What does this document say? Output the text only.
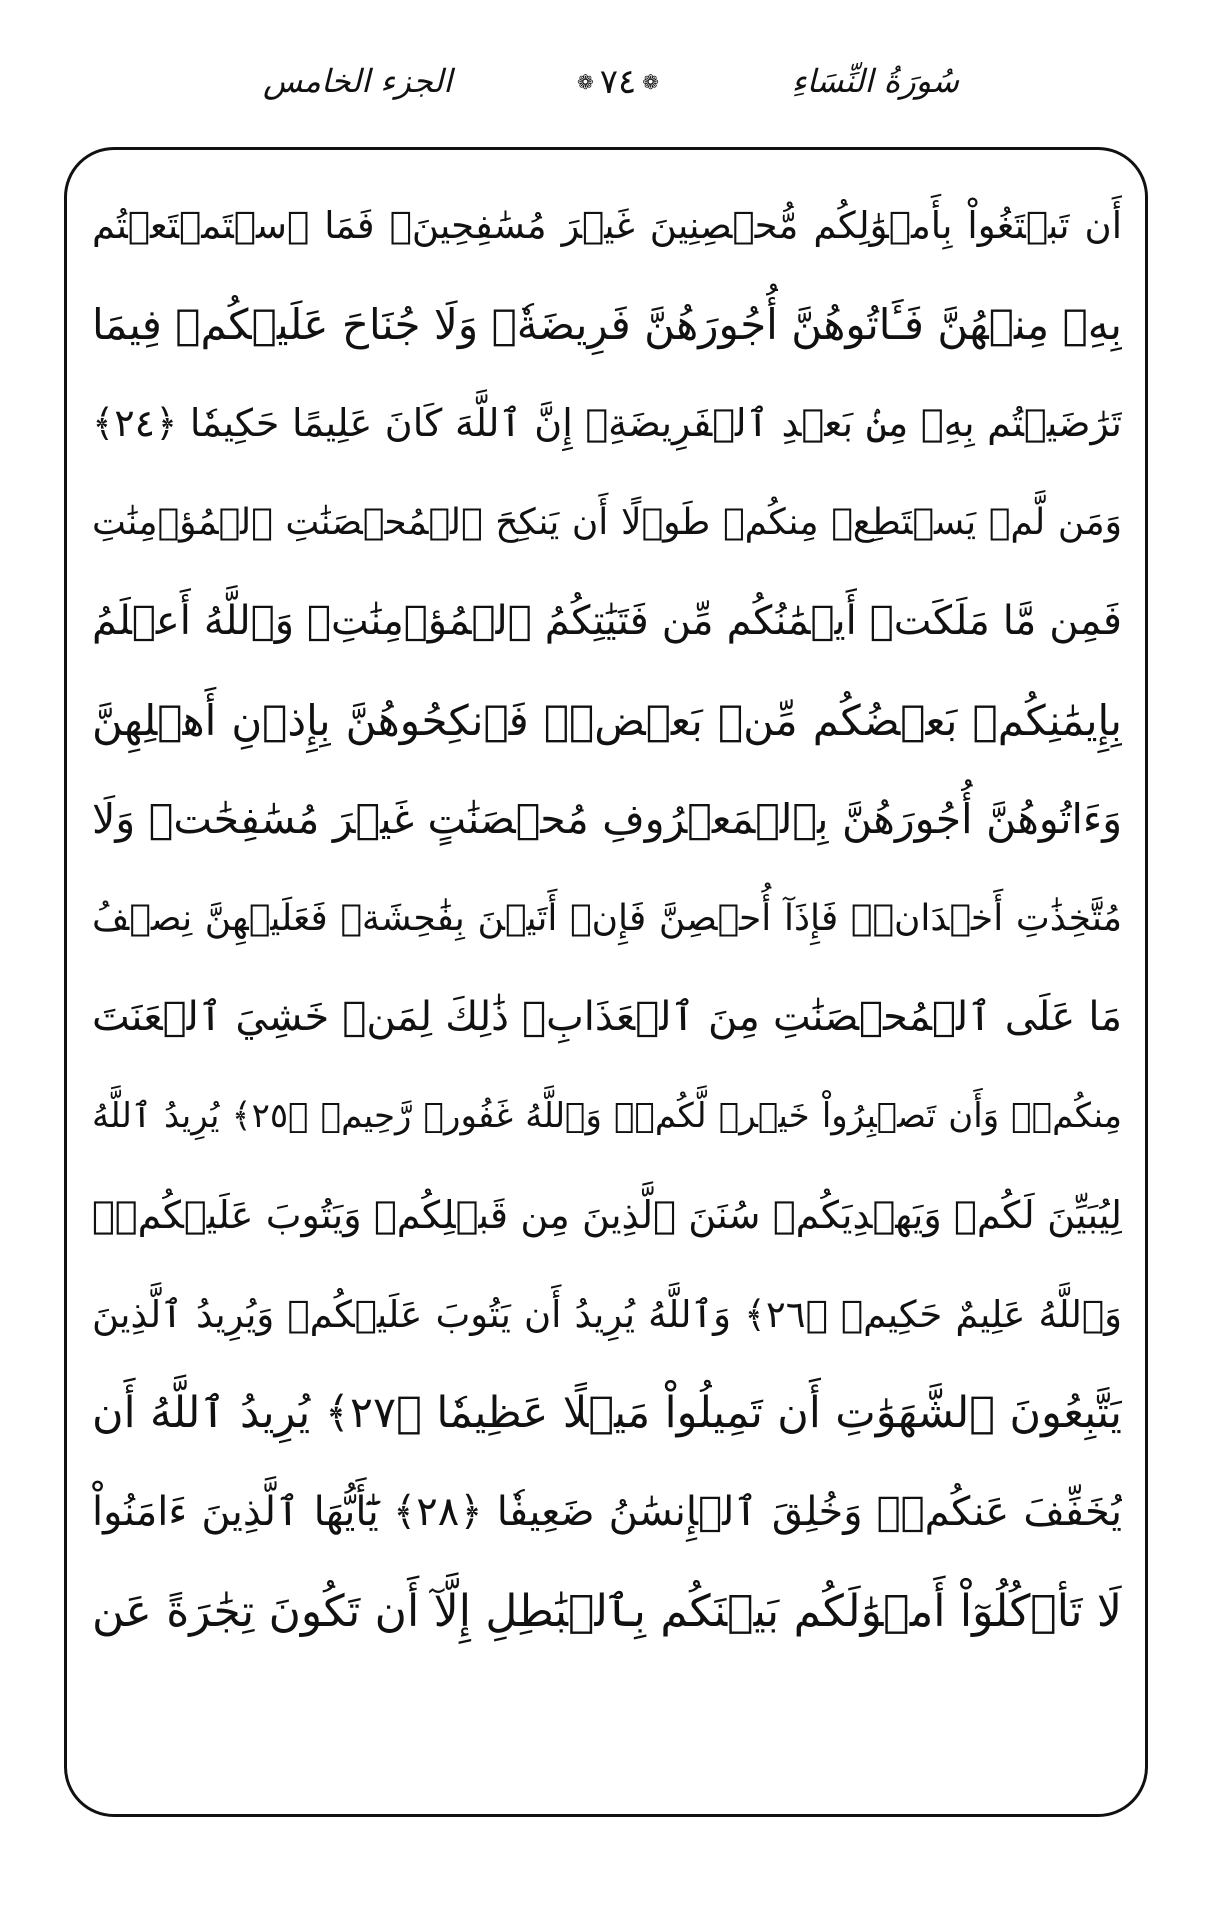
سُورَةُ النِّسَاءِ
❁ ٧٤ ❁
الجزء الخامس
أَن تَبۡتَغُواْ بِأَمۡوَٰلِكُم مُّحۡصِنِينَ غَيۡرَ مُسَٰفِحِينَۚ فَمَا ٱسۡتَمۡتَعۡتُم
بِهِۦ مِنۡهُنَّ فَـَٔاتُوهُنَّ أُجُورَهُنَّ فَرِيضَةٗۚ وَلَا جُنَاحَ عَلَيۡكُمۡ فِيمَا
تَرَٰضَيۡتُم بِهِۦ مِنۢ بَعۡدِ ٱلۡفَرِيضَةِۚ إِنَّ ٱللَّهَ كَانَ عَلِيمًا حَكِيمٗا ﴿٢٤﴾
وَمَن لَّمۡ يَسۡتَطِعۡ مِنكُمۡ طَوۡلًا أَن يَنكِحَ ٱلۡمُحۡصَنَٰتِ ٱلۡمُؤۡمِنَٰتِ
فَمِن مَّا مَلَكَتۡ أَيۡمَٰنُكُم مِّن فَتَيَٰتِكُمُ ٱلۡمُؤۡمِنَٰتِۚ وَٱللَّهُ أَعۡلَمُ
بِإِيمَٰنِكُمۚ بَعۡضُكُم مِّنۢ بَعۡضٖۚ فَٱنكِحُوهُنَّ بِإِذۡنِ أَهۡلِهِنَّ
وَءَاتُوهُنَّ أُجُورَهُنَّ بِٱلۡمَعۡرُوفِ مُحۡصَنَٰتٍ غَيۡرَ مُسَٰفِحَٰتٖ وَلَا
مُتَّخِذَٰتِ أَخۡدَانٖۚ فَإِذَآ أُحۡصِنَّ فَإِنۡ أَتَيۡنَ بِفَٰحِشَةٖ فَعَلَيۡهِنَّ نِصۡفُ
مَا عَلَى ٱلۡمُحۡصَنَٰتِ مِنَ ٱلۡعَذَابِۚ ذَٰلِكَ لِمَنۡ خَشِيَ ٱلۡعَنَتَ
مِنكُمۡۚ وَأَن تَصۡبِرُواْ خَيۡرٞ لَّكُمۡۗ وَٱللَّهُ غَفُورٞ رَّحِيمٞ ﴿٢٥﴾ يُرِيدُ ٱللَّهُ
لِيُبَيِّنَ لَكُمۡ وَيَهۡدِيَكُمۡ سُنَنَ ٱلَّذِينَ مِن قَبۡلِكُمۡ وَيَتُوبَ عَلَيۡكُمۡۗ
وَٱللَّهُ عَلِيمٌ حَكِيمٞ ﴿٢٦﴾ وَٱللَّهُ يُرِيدُ أَن يَتُوبَ عَلَيۡكُمۡ وَيُرِيدُ ٱلَّذِينَ
يَتَّبِعُونَ ٱلشَّهَوَٰتِ أَن تَمِيلُواْ مَيۡلًا عَظِيمٗا ﴿٢٧﴾ يُرِيدُ ٱللَّهُ أَن
يُخَفِّفَ عَنكُمۡۚ وَخُلِقَ ٱلۡإِنسَٰنُ ضَعِيفٗا ﴿٢٨﴾ يَٰٓأَيُّهَا ٱلَّذِينَ ءَامَنُواْ
لَا تَأۡكُلُوٓاْ أَمۡوَٰلَكُم بَيۡنَكُم بِٱلۡبَٰطِلِ إِلَّآ أَن تَكُونَ تِجَٰرَةً عَن
